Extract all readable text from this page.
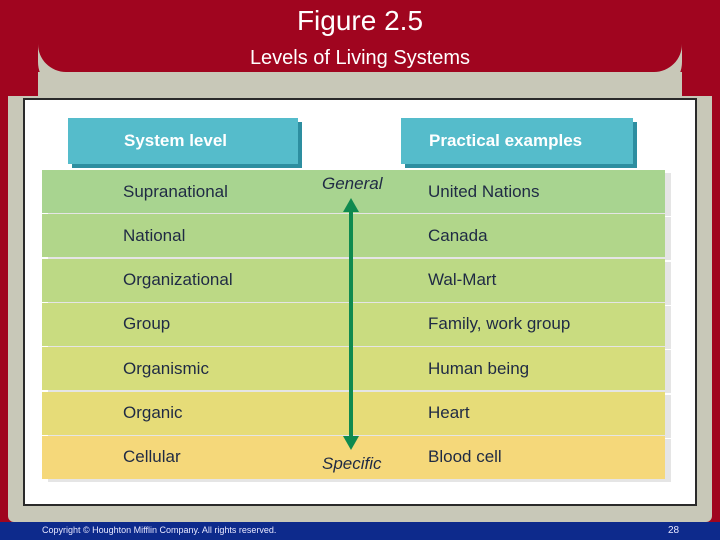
Figure 2.5
Levels of Living Systems
Supranational	United Nations
National	Canada
Organizational	Wal-Mart
Group	Family, work group
Organismic	Human being
Organic	Heart
Cellular	Blood cell
System level	Practical examples
General
Specific
Copyright © Houghton Mifflin Company. All rights reserved.	28
